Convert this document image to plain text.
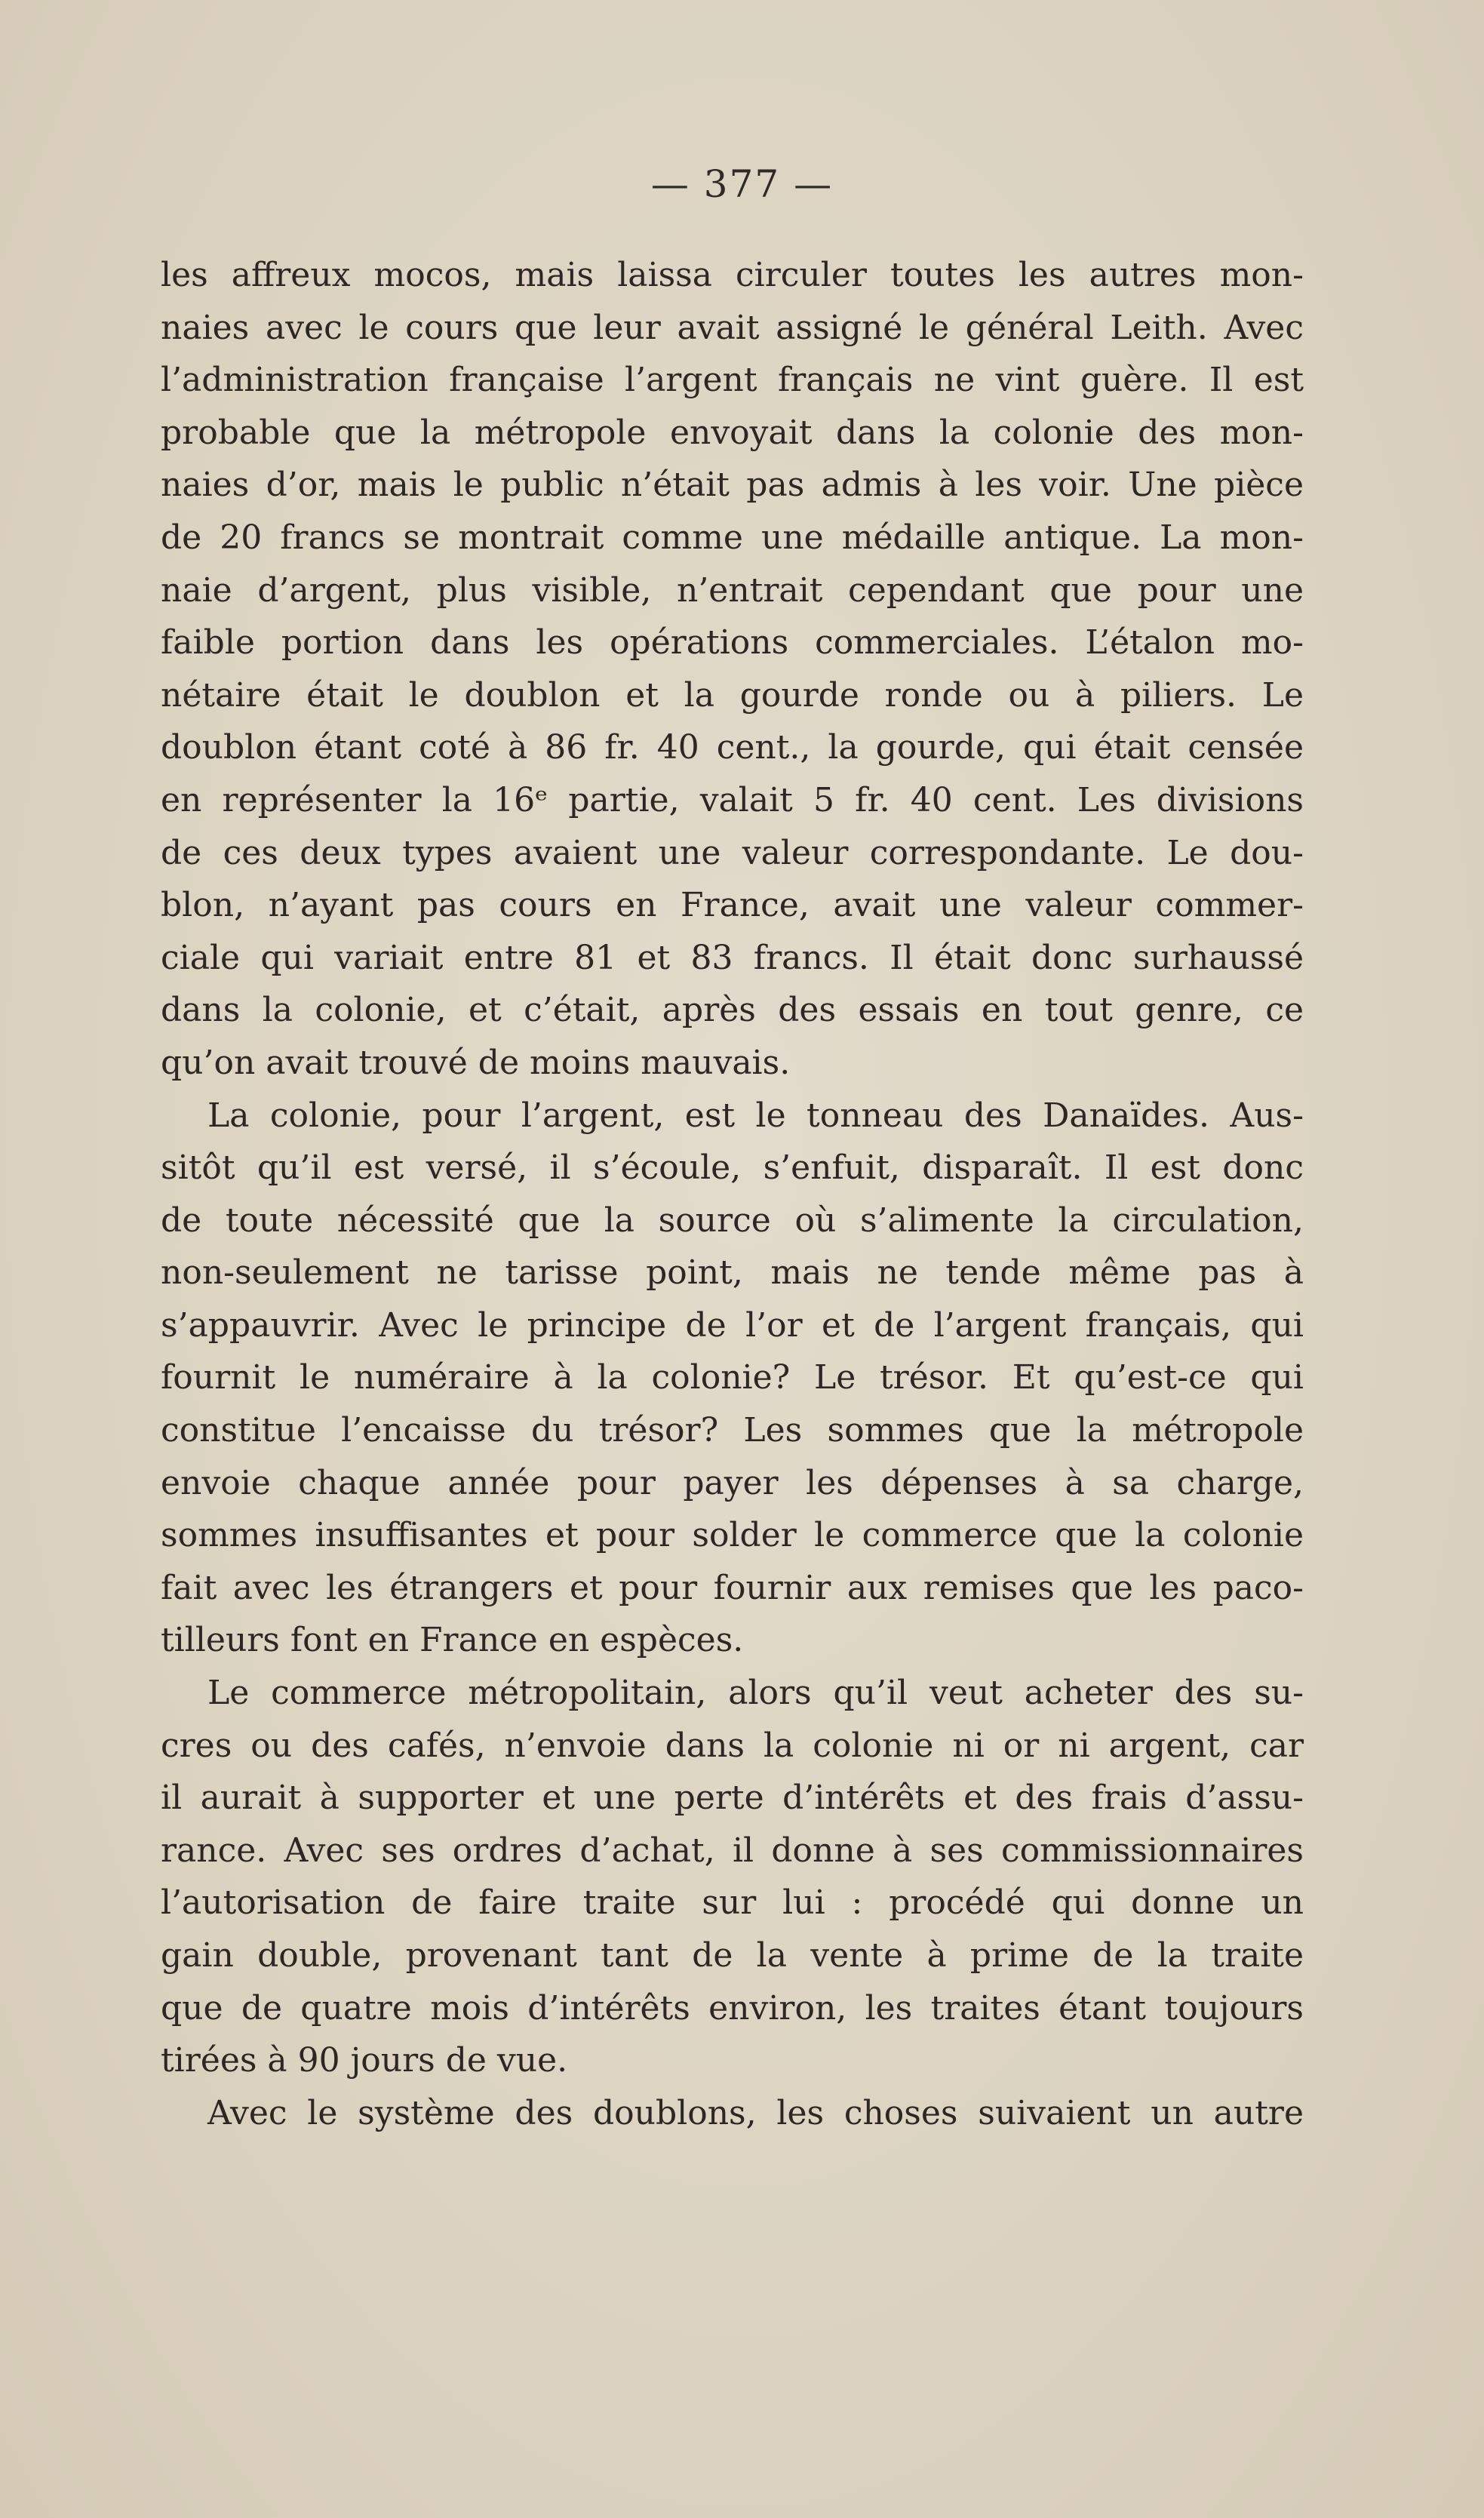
— 377 —
les affreux mocos, mais laissa circuler toutes les autres mon-
naies avec le cours que leur avait assigné le général Leith. Avec
l’administration française l’argent français ne vint guère. Il est
probable que la métropole envoyait dans la colonie des mon-
naies d’or, mais le public n’était pas admis à les voir. Une pièce
de 20 francs se montrait comme une médaille antique. La mon-
naie d’argent, plus visible, n’entrait cependant que pour une
faible portion dans les opérations commerciales. L’étalon mo-
nétaire était le doublon et la gourde ronde ou à piliers. Le
doublon étant coté à 86 fr. 40 cent., la gourde, qui était censée
en représenter la 16ᵉ partie, valait 5 fr. 40 cent. Les divisions
de ces deux types avaient une valeur correspondante. Le dou-
blon, n’ayant pas cours en France, avait une valeur commer-
ciale qui variait entre 81 et 83 francs. Il était donc surhaussé
dans la colonie, et c’était, après des essais en tout genre, ce
qu’on avait trouvé de moins mauvais.
La colonie, pour l’argent, est le tonneau des Danaïdes. Aus-
sitôt qu’il est versé, il s’écoule, s’enfuit, disparaît. Il est donc
de toute nécessité que la source où s’alimente la circulation,
non-seulement ne tarisse point, mais ne tende même pas à
s’appauvrir. Avec le principe de l’or et de l’argent français, qui
fournit le numéraire à la colonie? Le trésor. Et qu’est-ce qui
constitue l’encaisse du trésor? Les sommes que la métropole
envoie chaque année pour payer les dépenses à sa charge,
sommes insuffisantes et pour solder le commerce que la colonie
fait avec les étrangers et pour fournir aux remises que les paco-
tilleurs font en France en espèces.
Le commerce métropolitain, alors qu’il veut acheter des su-
cres ou des cafés, n’envoie dans la colonie ni or ni argent, car
il aurait à supporter et une perte d’intérêts et des frais d’assu-
rance. Avec ses ordres d’achat, il donne à ses commissionnaires
l’autorisation de faire traite sur lui : procédé qui donne un
gain double, provenant tant de la vente à prime de la traite
que de quatre mois d’intérêts environ, les traites étant toujours
tirées à 90 jours de vue.
Avec le système des doublons, les choses suivaient un autre
